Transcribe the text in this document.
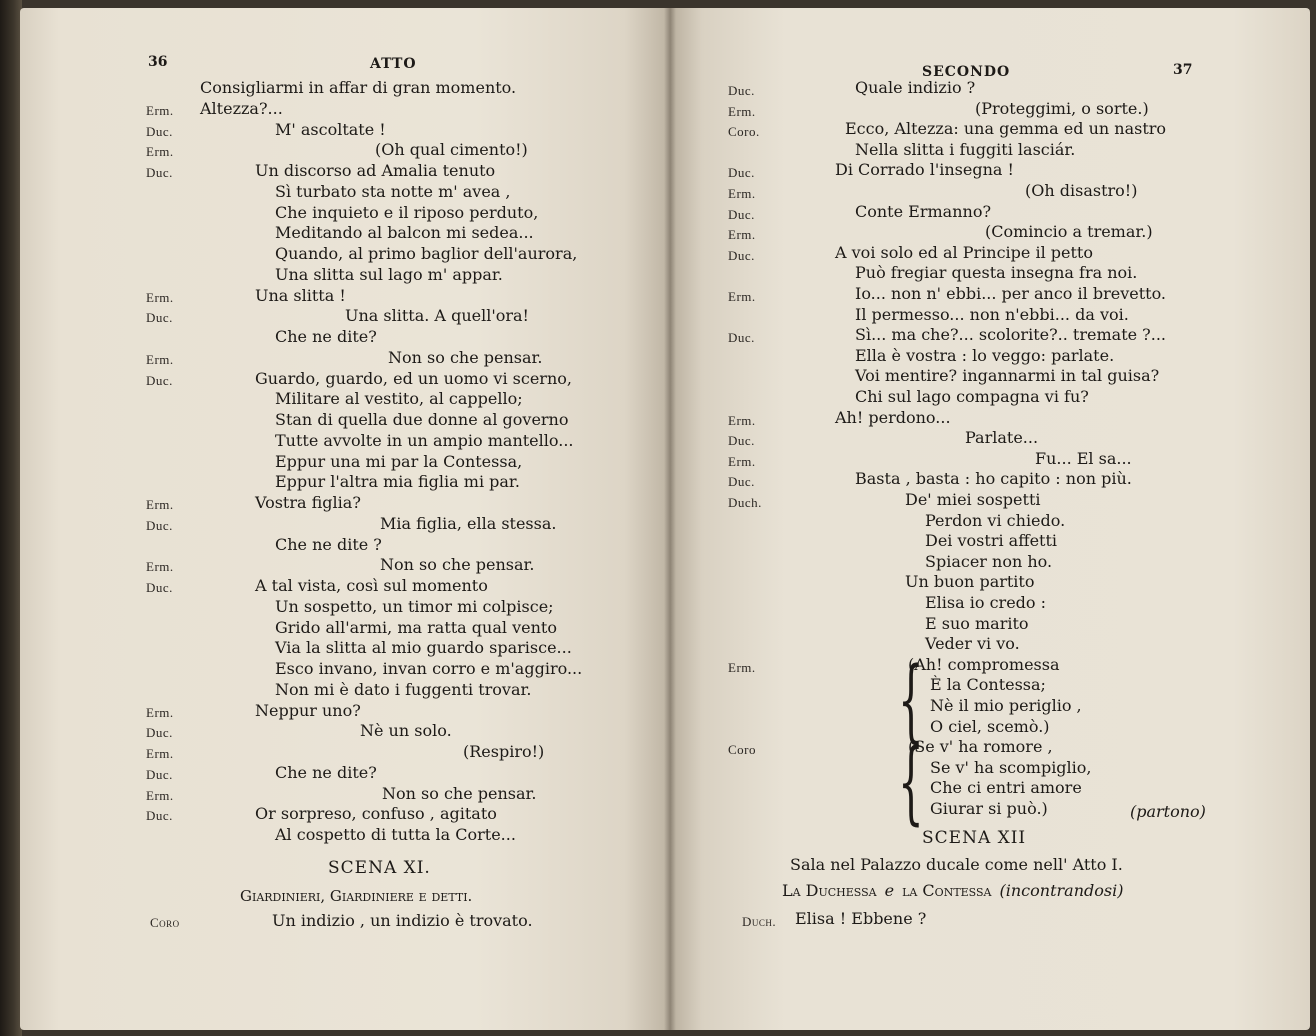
36	ATTO
Consigliarmi in affar di gran momento.
Erm. Altezza?...
Duc.	M' ascoltate !
Erm.	(Oh qual cimento!)
Duc.	Un discorso ad Amalia tenuto
Sì turbato sta notte m' avea ,
Che inquieto e il riposo perduto,
Meditando al balcon mi sedea...
Quando, al primo baglior dell'aurora,
Una slitta sul lago m' appar.
Erm.	Una slitta !
Duc.	Una slitta. A quell'ora!
Che ne dite?
Erm.	Non so che pensar.
Duc.	Guardo, guardo, ed un uomo vi scerno,
Militare al vestito, al cappello;
Stan di quella due donne al governo
Tutte avvolte in un ampio mantello...
Eppur una mi par la Contessa,
Eppur l'altra mia figlia mi par.
Erm.	Vostra figlia?
Duc.	Mia figlia, ella stessa.
Che ne dite ?
Erm.	Non so che pensar.
Duc.	A tal vista, così sul momento
Un sospetto, un timor mi colpisce;
Grido all'armi, ma ratta qual vento
Via la slitta al mio guardo sparisce...
Esco invano, invan corro e m'aggiro...
Non mi è dato i fuggenti trovar.
Erm.	Neppur uno?
Duc.	Nè un solo.
Erm.	(Respiro!)
Duc.	Che ne dite?
Erm.	Non so che pensar.
Duc.	Or sorpreso, confuso , agitato
Al cospetto di tutta la Corte...
SCENA XI.
Giardinieri, Giardiniere e detti.
Coro	Un indizio , un indizio è trovato.
37
SECONDO
Duc.	Quale indizio ?
Erm.	(Proteggimi, o sorte.)
Coro.	Ecco, Altezza: una gemma ed un nastro
Nella slitta i fuggiti lasciár.
Duc.	Di Corrado l'insegna !
Erm.	(Oh disastro!)
Duc.	Conte Ermanno?
Erm.	(Comincio a tremar.)
Duc.	A voi solo ed al Principe il petto
Può fregiar questa insegna fra noi.
Erm.	Io... non n' ebbi... per anco il brevetto.
Il permesso... non n'ebbi... da voi.
Duc.	Sì... ma che?... scolorite?.. tremate ?...
Ella è vostra : lo veggo: parlate.
Voi mentire? ingannarmi in tal guisa?
Chi sul lago compagna vi fu?
Erm.	Ah! perdono...
Duc.	Parlate...
Erm.	Fu... El sa...
Duc.	Basta , basta : ho capito : non più.
Duch.	De' miei sospetti
Perdon vi chiedo.
Dei vostri affetti
Spiacer non ho.
Un buon partito
Elisa io credo :
E suo marito
Veder vi vo.
Erm.	(Ah! compromessa
È la Contessa;
Nè il mio periglio ,
O ciel, scemò.)
Coro	(Se v' ha romore ,
Se v' ha scompiglio,
Che ci entri amore
Giurar si può.)
{
{	(partono)
SCENA XII
Sala nel Palazzo ducale come nell' Atto I.
La Duchessa e la Contessa (incontrandosi)
Duch. Elisa ! Ebbene ?
